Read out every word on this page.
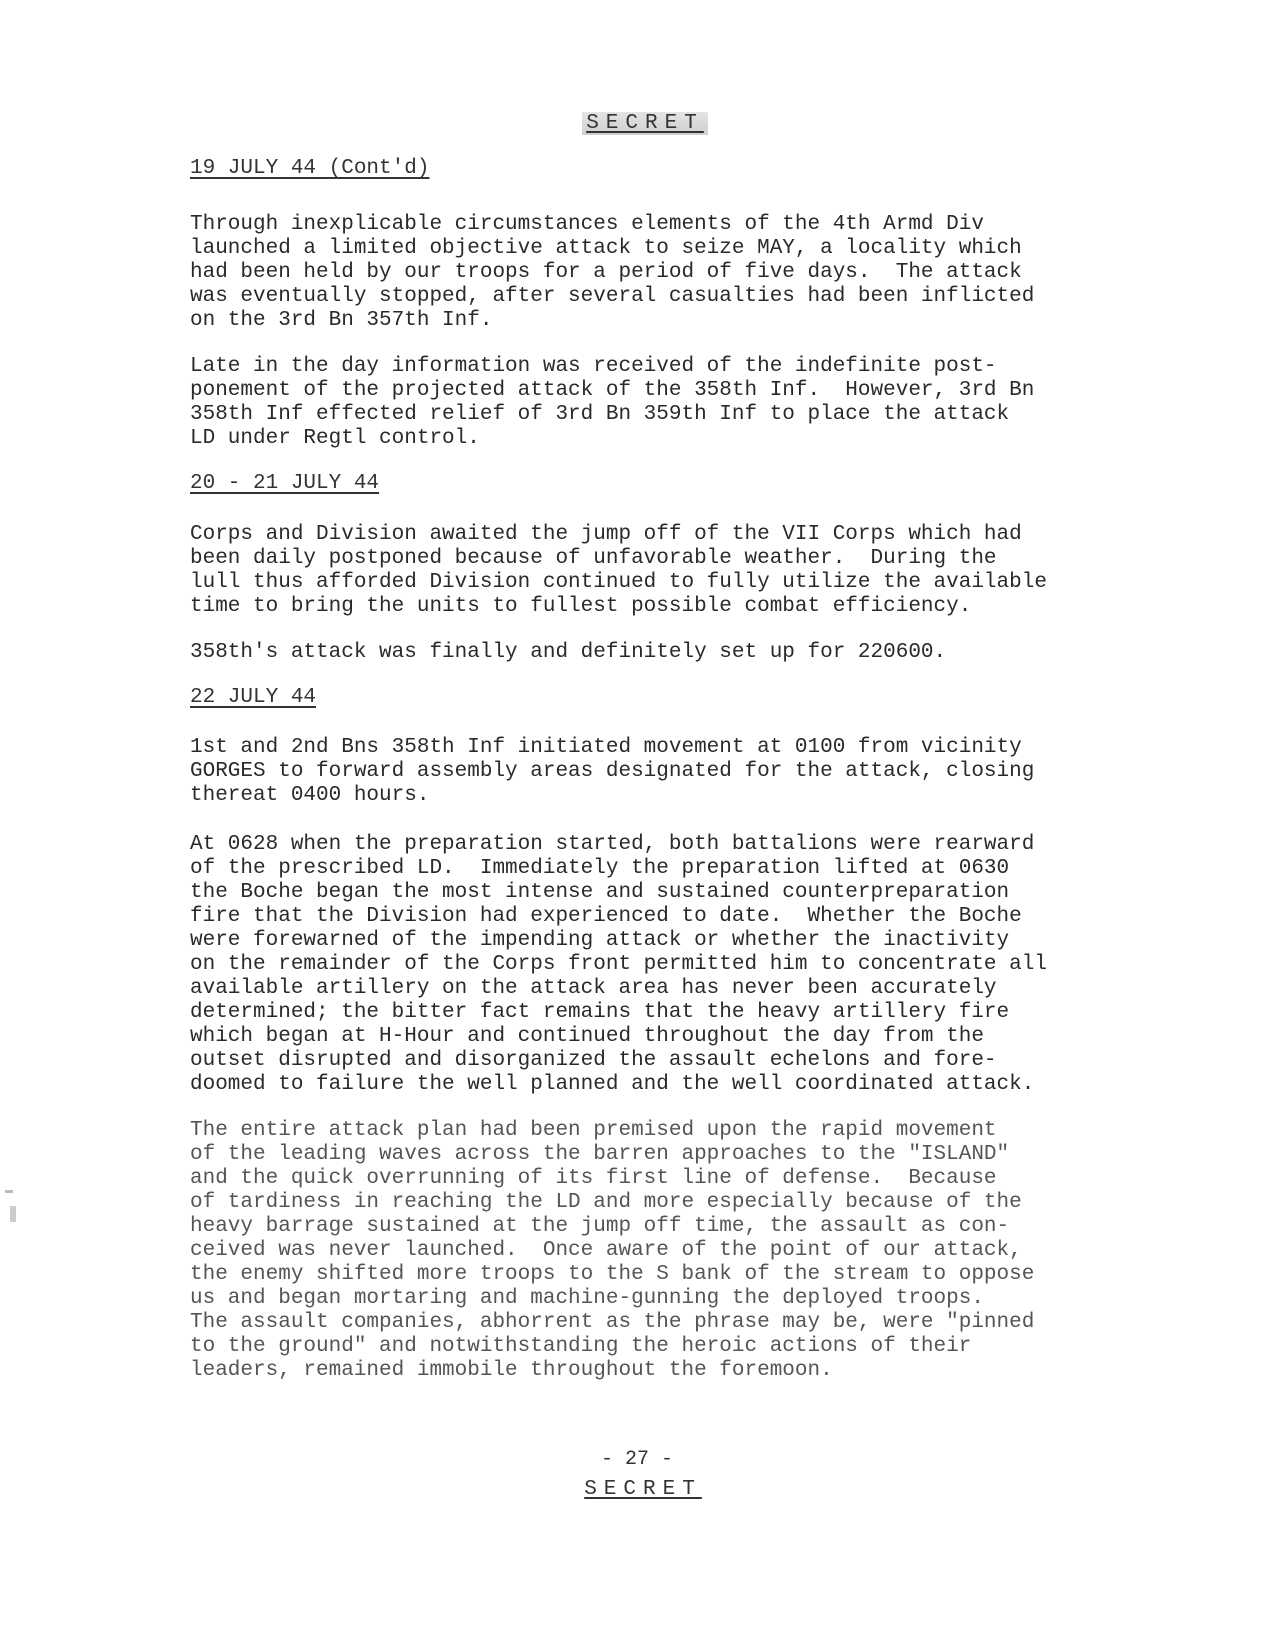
SECRET
19 JULY 44 (Cont'd)
Through inexplicable circumstances elements of the 4th Armd Div
launched a limited objective attack to seize MAY, a locality which
had been held by our troops for a period of five days.  The attack
was eventually stopped, after several casualties had been inflicted
on the 3rd Bn 357th Inf.
Late in the day information was received of the indefinite post-
ponement of the projected attack of the 358th Inf.  However, 3rd Bn
358th Inf effected relief of 3rd Bn 359th Inf to place the attack
LD under Regtl control.
20 - 21 JULY 44
Corps and Division awaited the jump off of the VII Corps which had
been daily postponed because of unfavorable weather.  During the
lull thus afforded Division continued to fully utilize the available
time to bring the units to fullest possible combat efficiency.
358th's attack was finally and definitely set up for 220600.
22 JULY 44
1st and 2nd Bns 358th Inf initiated movement at 0100 from vicinity
GORGES to forward assembly areas designated for the attack, closing
thereat 0400 hours.
At 0628 when the preparation started, both battalions were rearward
of the prescribed LD.  Immediately the preparation lifted at 0630
the Boche began the most intense and sustained counterpreparation
fire that the Division had experienced to date.  Whether the Boche
were forewarned of the impending attack or whether the inactivity
on the remainder of the Corps front permitted him to concentrate all
available artillery on the attack area has never been accurately
determined; the bitter fact remains that the heavy artillery fire
which began at H-Hour and continued throughout the day from the
outset disrupted and disorganized the assault echelons and fore-
doomed to failure the well planned and the well coordinated attack.
The entire attack plan had been premised upon the rapid movement
of the leading waves across the barren approaches to the "ISLAND"
and the quick overrunning of its first line of defense.  Because
of tardiness in reaching the LD and more especially because of the
heavy barrage sustained at the jump off time, the assault as con-
ceived was never launched.  Once aware of the point of our attack,
the enemy shifted more troops to the S bank of the stream to oppose
us and began mortaring and machine-gunning the deployed troops.
The assault companies, abhorrent as the phrase may be, were "pinned
to the ground" and notwithstanding the heroic actions of their
leaders, remained immobile throughout the foremoon.
- 27 -
SECRET
